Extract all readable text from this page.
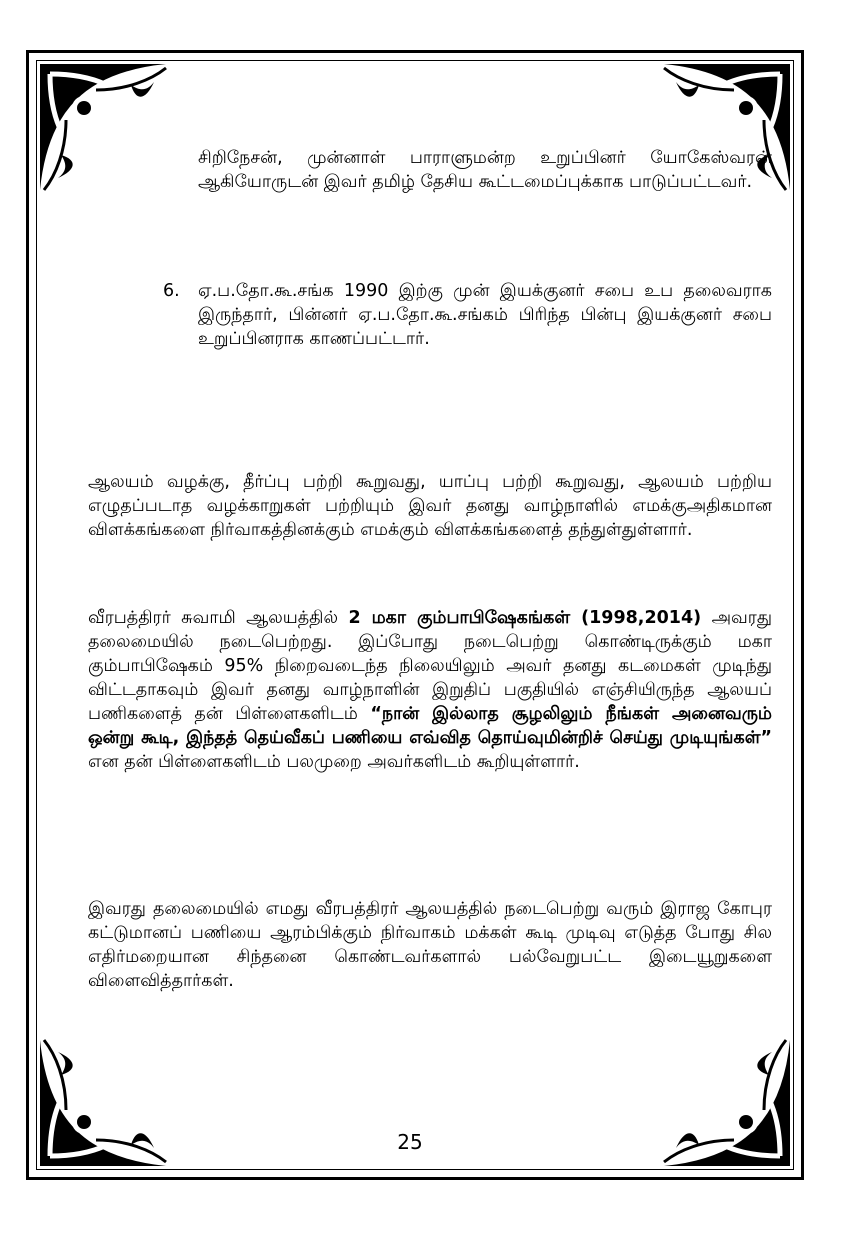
சிறிநேசன், முன்னாள் பாராளுமன்ற உறுப்பினர் யோகேஸ்வரன் ஆகியோருடன் இவர் தமிழ் தேசிய கூட்டமைப்புக்காக பாடுப்பட்டவர்.
6. ஏ.ப.தோ.கூ.சங்க 1990 இற்கு முன் இயக்குனர் சபை உப தலைவராக இருந்தார், பின்னர் ஏ.ப.தோ.கூ.சங்கம் பிரிந்த பின்பு இயக்குனர் சபை உறுப்பினராக காணப்பட்டார்.
ஆலயம் வழக்கு, தீர்ப்பு பற்றி கூறுவது, யாப்பு பற்றி கூறுவது, ஆலயம் பற்றிய எழுதப்படாத வழக்காறுகள் பற்றியும் இவர் தனது வாழ்நாளில் எமக்குஅதிகமான விளக்கங்களை நிர்வாகத்தினக்கும் எமக்கும் விளக்கங்களைத் தந்துள்துள்ளார்.
வீரபத்திரர் சுவாமி ஆலயத்தில் 2 மகா கும்பாபிஷேகங்கள் (1998,2014) அவரது தலைமையில் நடைபெற்றது. இப்போது நடைபெற்று கொண்டிருக்கும் மகா கும்பாபிஷேகம் 95% நிறைவடைந்த நிலையிலும் அவர் தனது கடமைகள் முடிந்து விட்டதாகவும் இவர் தனது வாழ்நாளின் இறுதிப் பகுதியில் எஞ்சியிருந்த ஆலயப் பணிகளைத் தன் பிள்ளைகளிடம் “நான் இல்லாத சூழலிலும் நீங்கள் அனைவரும் ஒன்று கூடி, இந்தத் தெய்வீகப் பணியை எவ்வித தொய்வுமின்றிச் செய்து முடியுங்கள்” என தன் பிள்ளைகளிடம் பலமுறை அவர்களிடம் கூறியுள்ளார்.
இவரது தலைமையில் எமது வீரபத்திரர் ஆலயத்தில் நடைபெற்று வரும் இராஜ கோபுர கட்டுமானப் பணியை ஆரம்பிக்கும் நிர்வாகம் மக்கள் கூடி முடிவு எடுத்த போது சில எதிர்மறையான சிந்தனை கொண்டவர்களால் பல்வேறுபட்ட இடையூறுகளை விளைவித்தார்கள்.
25
